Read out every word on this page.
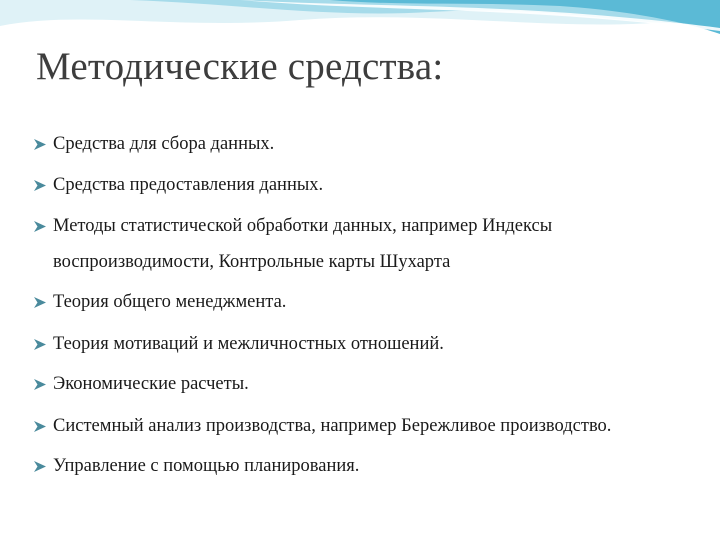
Методические средства:
Средства для сбора данных.
Средства предоставления данных.
Методы статистической обработки данных, например Индексы воспроизводимости, Контрольные карты Шухарта
Теория общего менеджмента.
Теория мотиваций и межличностных отношений.
Экономические расчеты.
Системный анализ производства, например Бережливое производство.
Управление с помощью планирования.
